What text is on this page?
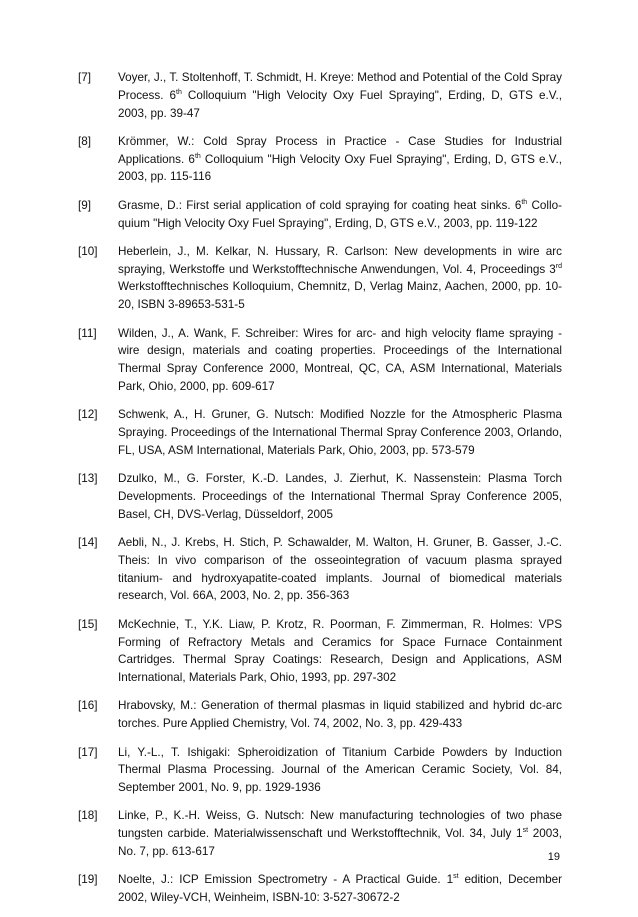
[7]	Voyer, J., T. Stoltenhoff, T. Schmidt, H. Kreye: Method and Potential of the Cold Spray Process. 6th Colloquium "High Velocity Oxy Fuel Spraying", Erding, D, GTS e.V., 2003, pp. 39-47
[8]	Krömmer, W.: Cold Spray Process in Practice - Case Studies for Industrial Applications. 6th Colloquium "High Velocity Oxy Fuel Spraying", Erding, D, GTS e.V., 2003, pp. 115-116
[9]	Grasme, D.: First serial application of cold spraying for coating heat sinks. 6th Collo-quium "High Velocity Oxy Fuel Spraying", Erding, D, GTS e.V., 2003, pp. 119-122
[10]	Heberlein, J., M. Kelkar, N. Hussary, R. Carlson: New developments in wire arc spraying, Werkstoffe und Werkstofftechnische Anwendungen, Vol. 4, Proceedings 3rd Werkstofftechnisches Kolloquium, Chemnitz, D, Verlag Mainz, Aachen, 2000, pp. 10-20, ISBN 3-89653-531-5
[11]	Wilden, J., A. Wank, F. Schreiber: Wires for arc- and high velocity flame spraying - wire design, materials and coating properties. Proceedings of the International Thermal Spray Conference 2000, Montreal, QC, CA, ASM International, Materials Park, Ohio, 2000, pp. 609-617
[12]	Schwenk, A., H. Gruner, G. Nutsch: Modified Nozzle for the Atmospheric Plasma Spraying. Proceedings of the International Thermal Spray Conference 2003, Orlando, FL, USA, ASM International, Materials Park, Ohio, 2003, pp. 573-579
[13]	Dzulko, M., G. Forster, K.-D. Landes, J. Zierhut, K. Nassenstein: Plasma Torch Developments. Proceedings of the International Thermal Spray Conference 2005, Basel, CH, DVS-Verlag, Düsseldorf, 2005
[14]	Aebli, N., J. Krebs, H. Stich, P. Schawalder, M. Walton, H. Gruner, B. Gasser, J.-C. Theis: In vivo comparison of the osseointegration of vacuum plasma sprayed titanium- and hydroxyapatite-coated implants. Journal of biomedical materials research, Vol. 66A, 2003, No. 2, pp. 356-363
[15]	McKechnie, T., Y.K. Liaw, P. Krotz, R. Poorman, F. Zimmerman, R. Holmes: VPS Forming of Refractory Metals and Ceramics for Space Furnace Containment Cartridges. Thermal Spray Coatings: Research, Design and Applications, ASM International, Materials Park, Ohio, 1993, pp. 297-302
[16]	Hrabovsky, M.: Generation of thermal plasmas in liquid stabilized and hybrid dc-arc torches. Pure Applied Chemistry, Vol. 74, 2002, No. 3, pp. 429-433
[17]	Li, Y.-L., T. Ishigaki: Spheroidization of Titanium Carbide Powders by Induction Thermal Plasma Processing. Journal of the American Ceramic Society, Vol. 84, September 2001, No. 9, pp. 1929-1936
[18]	Linke, P., K.-H. Weiss, G. Nutsch: New manufacturing technologies of two phase tungsten carbide. Materialwissenschaft und Werkstofftechnik, Vol. 34, July 1st 2003, No. 7, pp. 613-617
[19]	Noelte, J.: ICP Emission Spectrometry - A Practical Guide. 1st edition, December 2002, Wiley-VCH, Weinheim, ISBN-10: 3-527-30672-2
19
